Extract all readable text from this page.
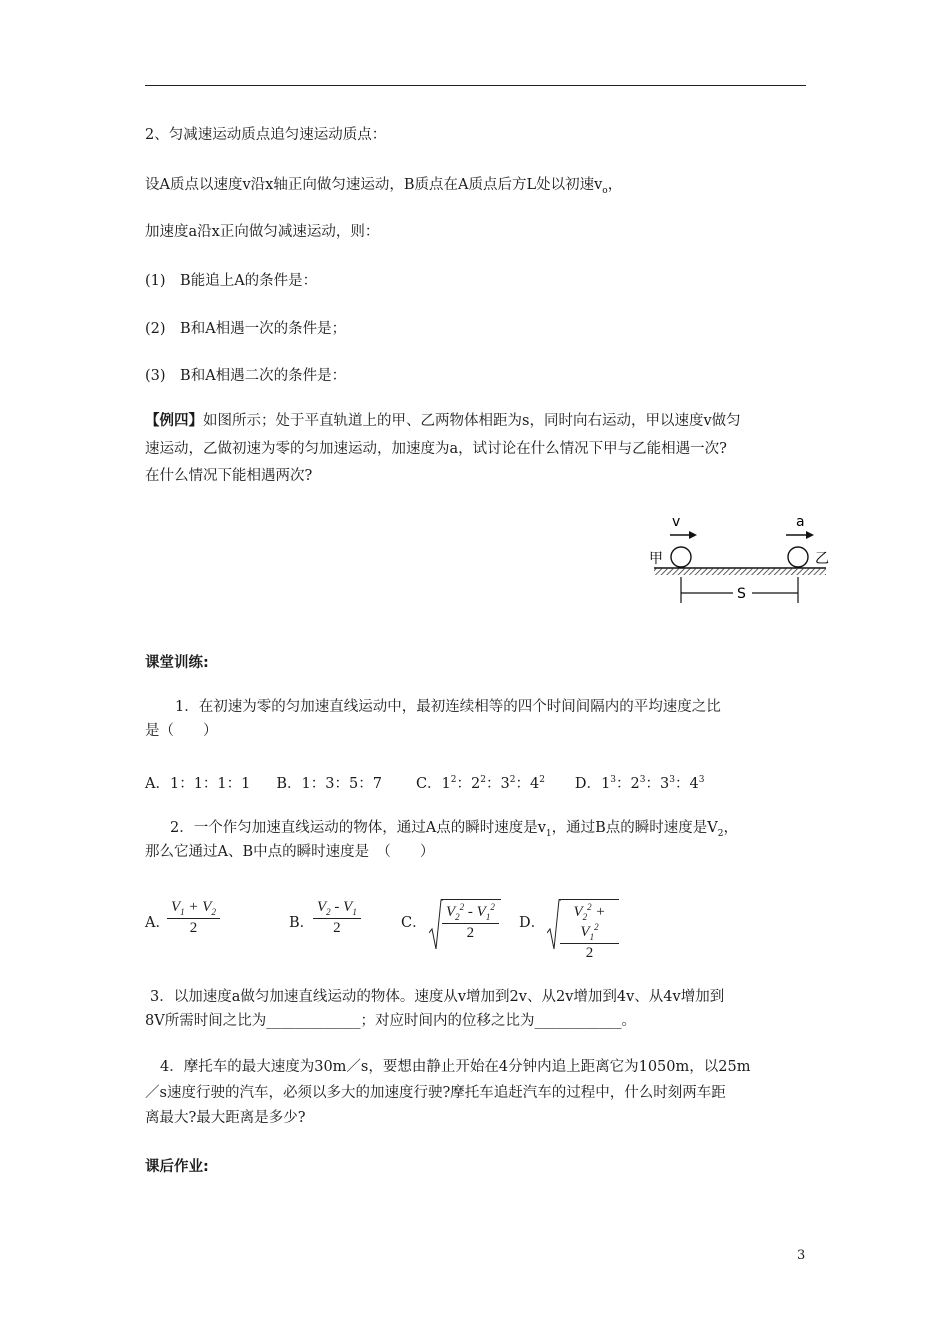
2、匀减速运动质点追匀速运动质点：
设A质点以速度v沿x轴正向做匀速运动，B质点在A质点后方L处以初速$v_o$，
加速度a沿x正向做匀减速运动，则：
(1)　B能追上A的条件是：
(2)　B和A相遇一次的条件是；
(3)　B和A相遇二次的条件是：
【例四】如图所示；处于平直轨道上的甲、乙两物体相距为s，同时向右运动，甲以速度v做匀
速运动，乙做初速为零的匀加速运动，加速度为a，试讨论在什么情况下甲与乙能相遇一次?
在什么情况下能相遇两次?
v	a
甲	乙
S
课堂训练:
1．在初速为零的匀加速直线运动中，最初连续相等的四个时间间隔内的平均速度之比
是（　　）
A．1：1：1：1 B．1：3：5：7 C．$1^2$：$2^2$：$3^2$：$4^2$ D．$1^3$：$2^3$：$3^3$：$4^3$
2．一个作匀加速直线运动的物体，通过A点的瞬时速度是$v_1$，通过B点的瞬时速度是$V_2$，
那么它通过A、B中点的瞬时速度是　（　　）
A．
$\frac{V_1 + V_2}{2}$	B．
$\frac{V_2 - V_1}{2}$	C． $\frac{V_2^2 - V_1^2}{2}$ D． $\frac{V_2^2 + V_1^2}{2}$
3．以加速度a做匀加速直线运动的物体。速度从v增加到2v、从2v增加到4v、从4v增加到
8V所需时间之比为_____________；对应时间内的位移之比为____________。
4．摩托车的最大速度为30m／s，要想由静止开始在4分钟内追上距离它为1050m，以25m
／s速度行驶的汽车，必须以多大的加速度行驶?摩托车追赶汽车的过程中，什么时刻两车距
离最大?最大距离是多少?
课后作业:
3
